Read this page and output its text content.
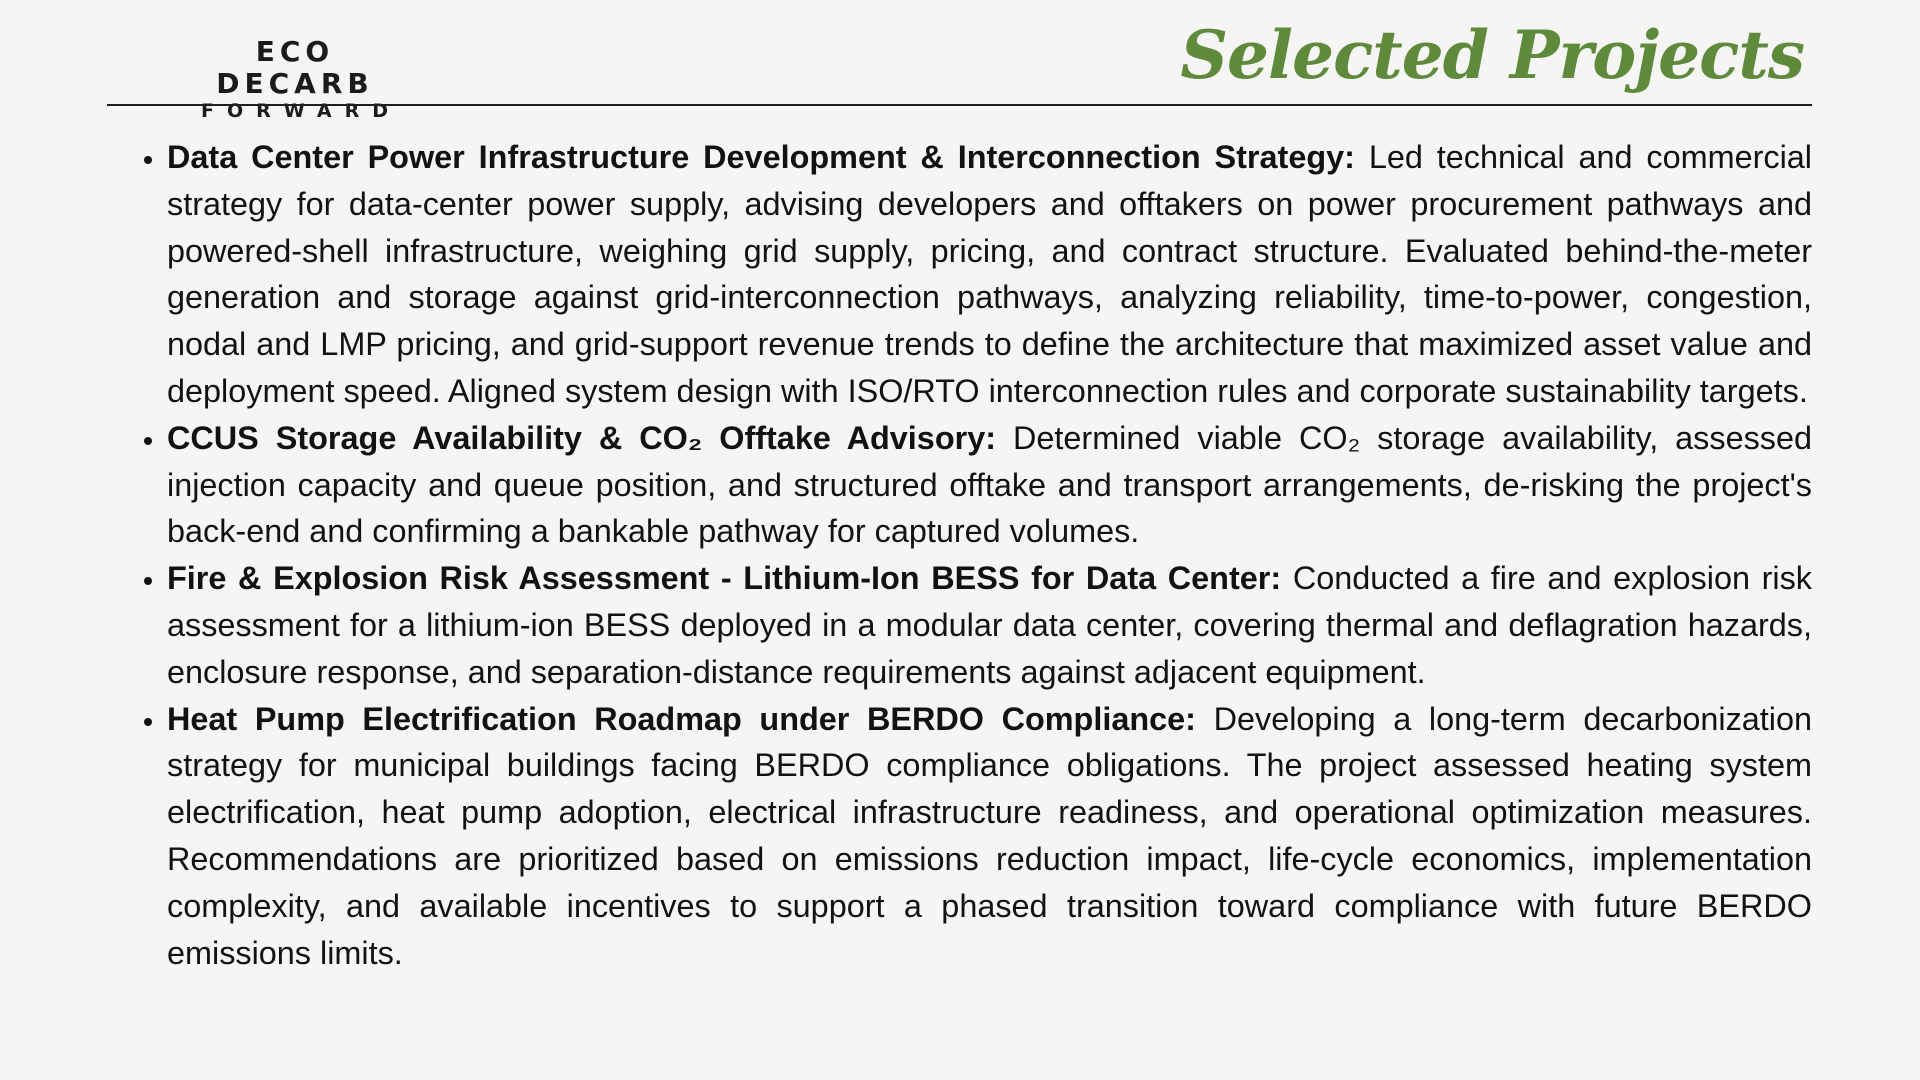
ECO DECARB
FORWARD
Selected Projects
• Data Center Power Infrastructure Development & Interconnection Strategy: Led technical and commercial strategy for data-center power supply, advising developers and offtakers on power procurement pathways and powered-shell infrastructure, weighing grid supply, pricing, and contract structure. Evaluated behind-the-meter generation and storage against grid-interconnection pathways, analyzing reliability, time-to-power, congestion, nodal and LMP pricing, and grid-support revenue trends to define the architecture that maximized asset value and deployment speed. Aligned system design with ISO/RTO interconnection rules and corporate sustainability targets.
• CCUS Storage Availability & CO₂ Offtake Advisory: Determined viable CO₂ storage availability, assessed injection capacity and queue position, and structured offtake and transport arrangements, de-risking the project's back-end and confirming a bankable pathway for captured volumes.
• Fire & Explosion Risk Assessment - Lithium-Ion BESS for Data Center: Conducted a fire and explosion risk assessment for a lithium-ion BESS deployed in a modular data center, covering thermal and deflagration hazards, enclosure response, and separation-distance requirements against adjacent equipment.
• Heat Pump Electrification Roadmap under BERDO Compliance: Developing a long-term decarbonization strategy for municipal buildings facing BERDO compliance obligations. The project assessed heating system electrification, heat pump adoption, electrical infrastructure readiness, and operational optimization measures. Recommendations are prioritized based on emissions reduction impact, life-cycle economics, implementation complexity, and available incentives to support a phased transition toward compliance with future BERDO emissions limits.
